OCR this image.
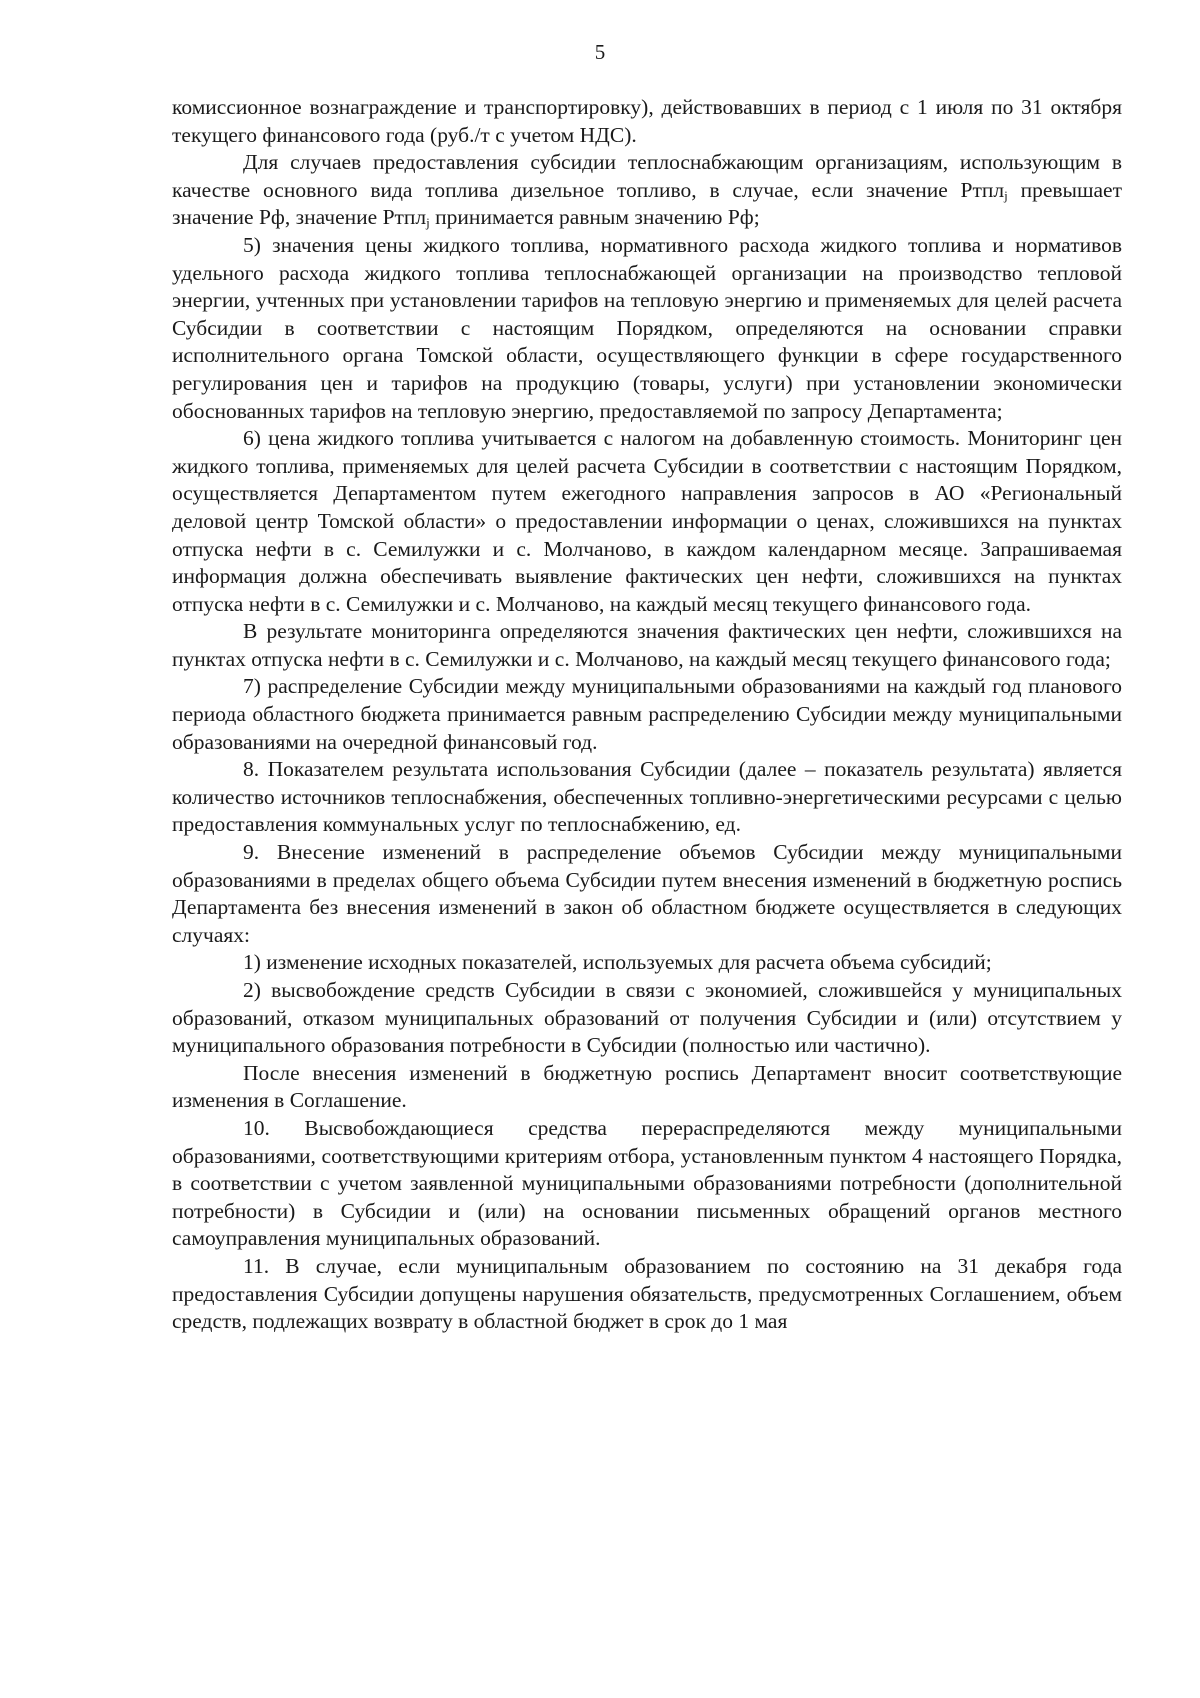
5

комиссионное вознаграждение и транспортировку), действовавших в период с 1 июля по 31 октября текущего финансового года (руб./т с учетом НДС).

Для случаев предоставления субсидии теплоснабжающим организациям, использующим в качестве основного вида топлива дизельное топливо, в случае, если значение Ртпл$_j$ превышает значение Рф, значение Ртпл$_j$ принимается равным значению Рф;

5) значения цены жидкого топлива, нормативного расхода жидкого топлива и нормативов удельного расхода жидкого топлива теплоснабжающей организации на производство тепловой энергии, учтенных при установлении тарифов на тепловую энергию и применяемых для целей расчета Субсидии в соответствии с настоящим Порядком, определяются на основании справки исполнительного органа Томской области, осуществляющего функции в сфере государственного регулирования цен и тарифов на продукцию (товары, услуги) при установлении экономически обоснованных тарифов на тепловую энергию, предоставляемой по запросу Департамента;

6) цена жидкого топлива учитывается с налогом на добавленную стоимость. Мониторинг цен жидкого топлива, применяемых для целей расчета Субсидии в соответствии с настоящим Порядком, осуществляется Департаментом путем ежегодного направления запросов в АО «Региональный деловой центр Томской области» о предоставлении информации о ценах, сложившихся на пунктах отпуска нефти в с. Семилужки и с. Молчаново, в каждом календарном месяце. Запрашиваемая информация должна обеспечивать выявление фактических цен нефти, сложившихся на пунктах отпуска нефти в с. Семилужки и с. Молчаново, на каждый месяц текущего финансового года.

В результате мониторинга определяются значения фактических цен нефти, сложившихся на пунктах отпуска нефти в с. Семилужки и с. Молчаново, на каждый месяц текущего финансового года;

7) распределение Субсидии между муниципальными образованиями на каждый год планового периода областного бюджета принимается равным распределению Субсидии между муниципальными образованиями на очередной финансовый год.

8. Показателем результата использования Субсидии (далее – показатель результата) является количество источников теплоснабжения, обеспеченных топливно-энергетическими ресурсами с целью предоставления коммунальных услуг по теплоснабжению, ед.

9. Внесение изменений в распределение объемов Субсидии между муниципальными образованиями в пределах общего объема Субсидии путем внесения изменений в бюджетную роспись Департамента без внесения изменений в закон об областном бюджете осуществляется в следующих случаях:

1) изменение исходных показателей, используемых для расчета объема субсидий;

2) высвобождение средств Субсидии в связи с экономией, сложившейся у муниципальных образований, отказом муниципальных образований от получения Субсидии и (или) отсутствием у муниципального образования потребности в Субсидии (полностью или частично).

После внесения изменений в бюджетную роспись Департамент вносит соответствующие изменения в Соглашение.

10. Высвобождающиеся средства перераспределяются между муниципальными образованиями, соответствующими критериям отбора, установленным пунктом 4 настоящего Порядка, в соответствии с учетом заявленной муниципальными образованиями потребности (дополнительной потребности) в Субсидии и (или) на основании письменных обращений органов местного самоуправления муниципальных образований.

11. В случае, если муниципальным образованием по состоянию на 31 декабря года предоставления Субсидии допущены нарушения обязательств, предусмотренных Соглашением, объем средств, подлежащих возврату в областной бюджет в срок до 1 мая
